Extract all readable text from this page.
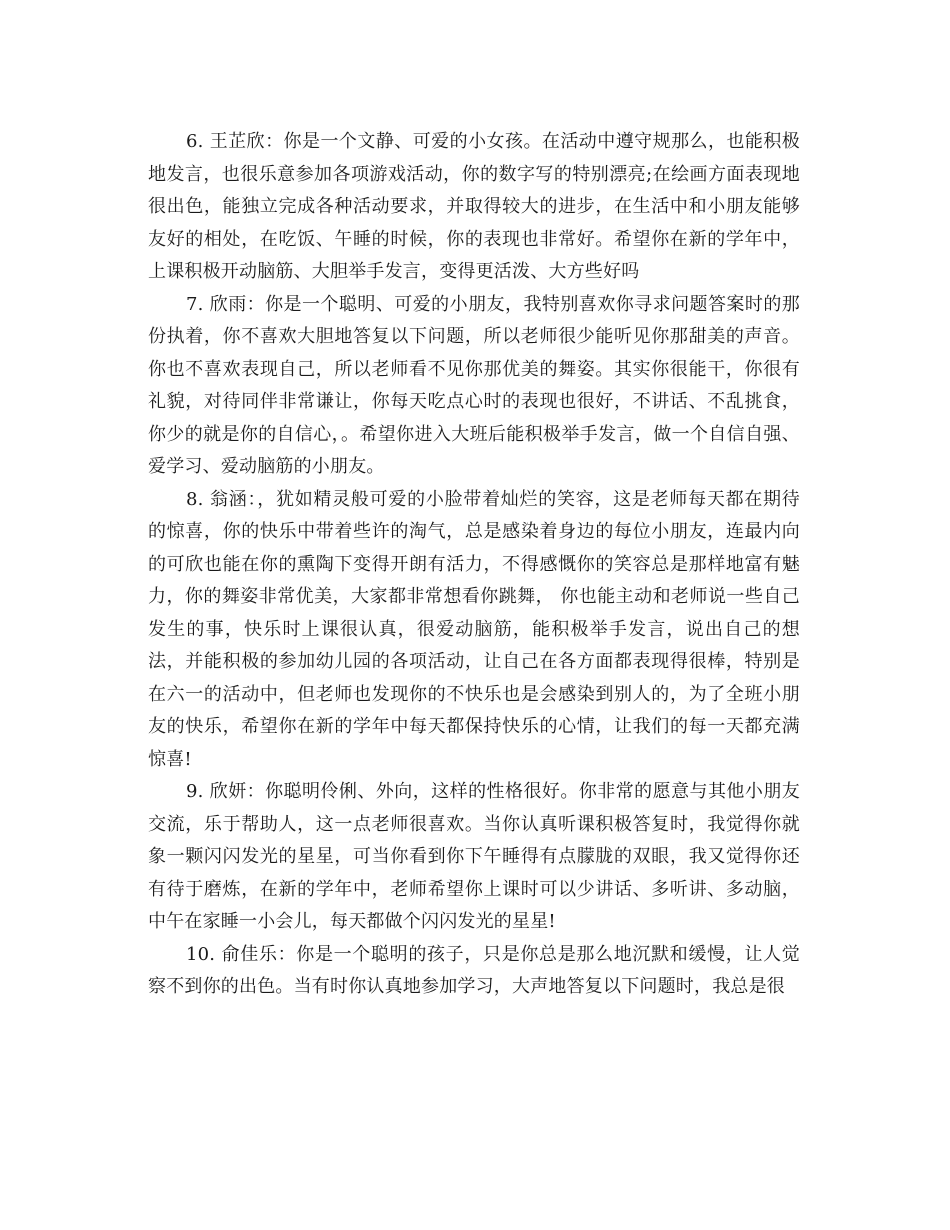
6. 王芷欣：你是一个文静、可爱的小女孩。在活动中遵守规那么，也能积极地发言，也很乐意参加各项游戏活动，你的数字写的特别漂亮;在绘画方面表现地很出色，能独立完成各种活动要求，并取得较大的进步，在生活中和小朋友能够友好的相处，在吃饭、午睡的时候，你的表现也非常好。希望你在新的学年中，上课积极开动脑筋、大胆举手发言，变得更活泼、大方些好吗
7. 欣雨：你是一个聪明、可爱的小朋友，我特别喜欢你寻求问题答案时的那份执着，你不喜欢大胆地答复以下问题，所以老师很少能听见你那甜美的声音。你也不喜欢表现自己，所以老师看不见你那优美的舞姿。其实你很能干，你很有礼貌，对待同伴非常谦让，你每天吃点心时的表现也很好，不讲话、不乱挑食，你少的就是你的自信心，。希望你进入大班后能积极举手发言，做一个自信自强、爱学习、爱动脑筋的小朋友。
8. 翁涵：，犹如精灵般可爱的小脸带着灿烂的笑容，这是老师每天都在期待的惊喜，你的快乐中带着些许的淘气，总是感染着身边的每位小朋友，连最内向的可欣也能在你的熏陶下变得开朗有活力，不得感慨你的笑容总是那样地富有魅力，你的舞姿非常优美，大家都非常想看你跳舞， 你也能主动和老师说一些自己发生的事，快乐时上课很认真，很爱动脑筋，能积极举手发言，说出自己的想法，并能积极的参加幼儿园的各项活动，让自己在各方面都表现得很棒，特别是在六一的活动中，但老师也发现你的不快乐也是会感染到别人的，为了全班小朋友的快乐，希望你在新的学年中每天都保持快乐的心情，让我们的每一天都充满惊喜!
9. 欣妍：你聪明伶俐、外向，这样的性格很好。你非常的愿意与其他小朋友交流，乐于帮助人，这一点老师很喜欢。当你认真听课积极答复时，我觉得你就象一颗闪闪发光的星星，可当你看到你下午睡得有点朦胧的双眼，我又觉得你还有待于磨炼，在新的学年中，老师希望你上课时可以少讲话、多听讲、多动脑，中午在家睡一小会儿，每天都做个闪闪发光的星星!
10. 俞佳乐：你是一个聪明的孩子，只是你总是那么地沉默和缓慢，让人觉察不到你的出色。当有时你认真地参加学习，大声地答复以下问题时，我总是很
